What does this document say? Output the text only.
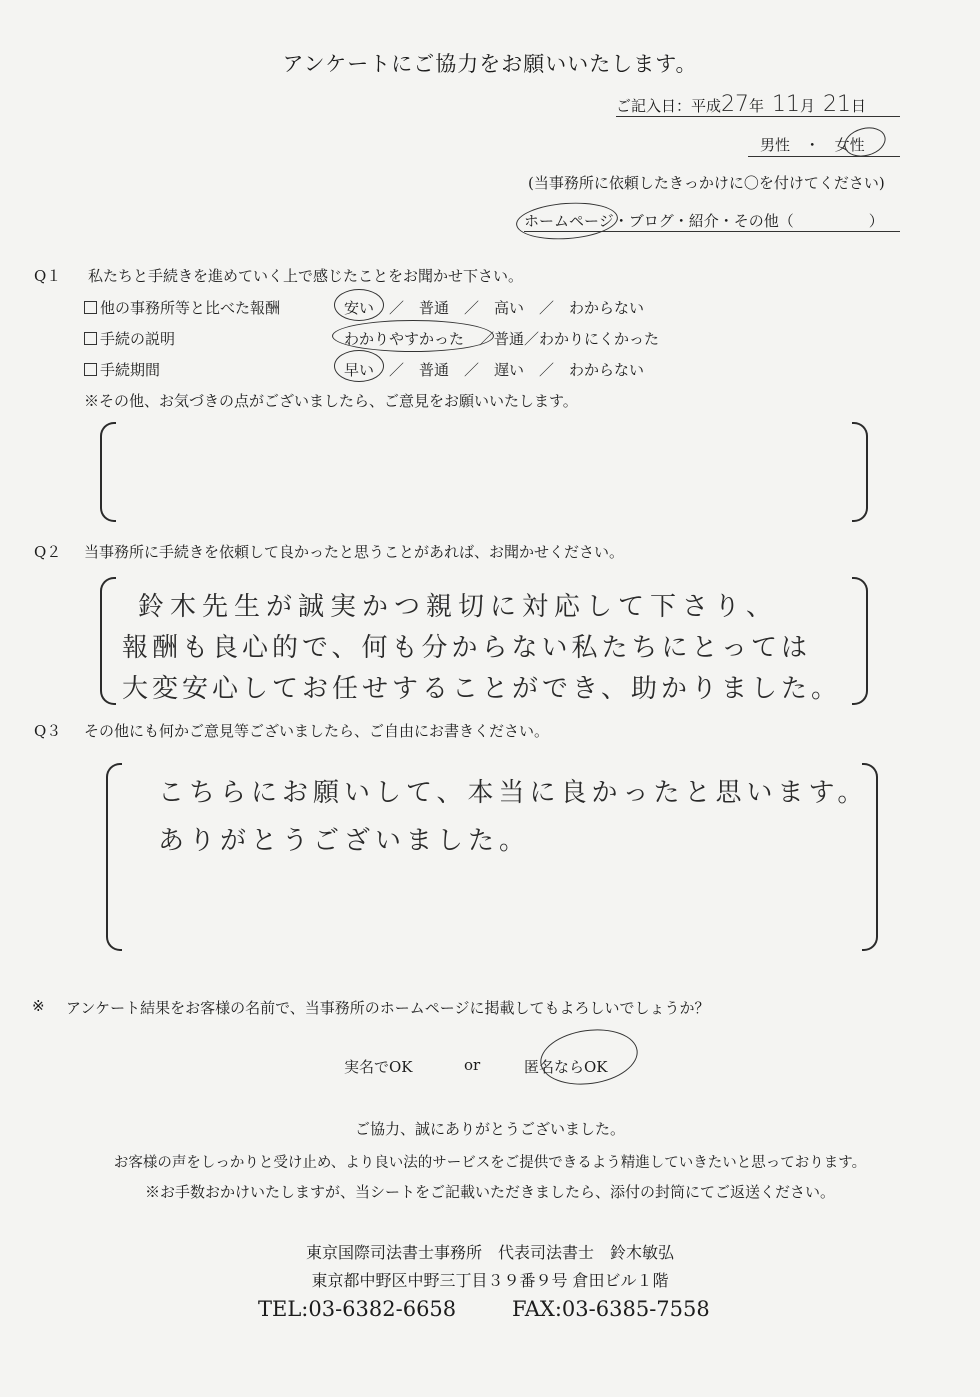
アンケートにご協力をお願いいたします。
ご記入日：平成27年 11月 21日
男性 ・ 女性
(当事務所に依頼したきっかけに〇を付けてください)
ホームページ・ブログ・紹介・その他（　　　　　）
Q１ 私たちと手続きを進めていく上で感じたことをお聞かせ下さい。
他の事務所等と比べた報酬	安い　／　普通　／　高い　／　わからない
手続の説明	わかりやすかった　／普通／わかりにくかった
手続期間	早い　／　普通　／　遅い　／　わからない
※その他、お気づきの点がございましたら、ご意見をお願いいたします。
Q２ 当事務所に手続きを依頼して良かったと思うことがあれば、お聞かせください。
鈴木先生が誠実かつ親切に対応して下さり、
報酬も良心的で、何も分からない私たちにとっては
大変安心してお任せすることができ、助かりました。
Q３ その他にも何かご意見等ございましたら、ご自由にお書きください。
こちらにお願いして、本当に良かったと思います。
ありがとうございました。
※ アンケート結果をお客様の名前で、当事務所のホームページに掲載してもよろしいでしょうか？
実名でOK	or	匿名ならOK
ご協力、誠にありがとうございました。
お客様の声をしっかりと受け止め、より良い法的サービスをご提供できるよう精進していきたいと思っております。
※お手数おかけいたしますが、当シートをご記載いただきましたら、添付の封筒にてご返送ください。
東京国際司法書士事務所　代表司法書士　鈴木敏弘
東京都中野区中野三丁目３９番９号 倉田ビル１階
TEL:03-6382-6658	FAX:03-6385-7558
